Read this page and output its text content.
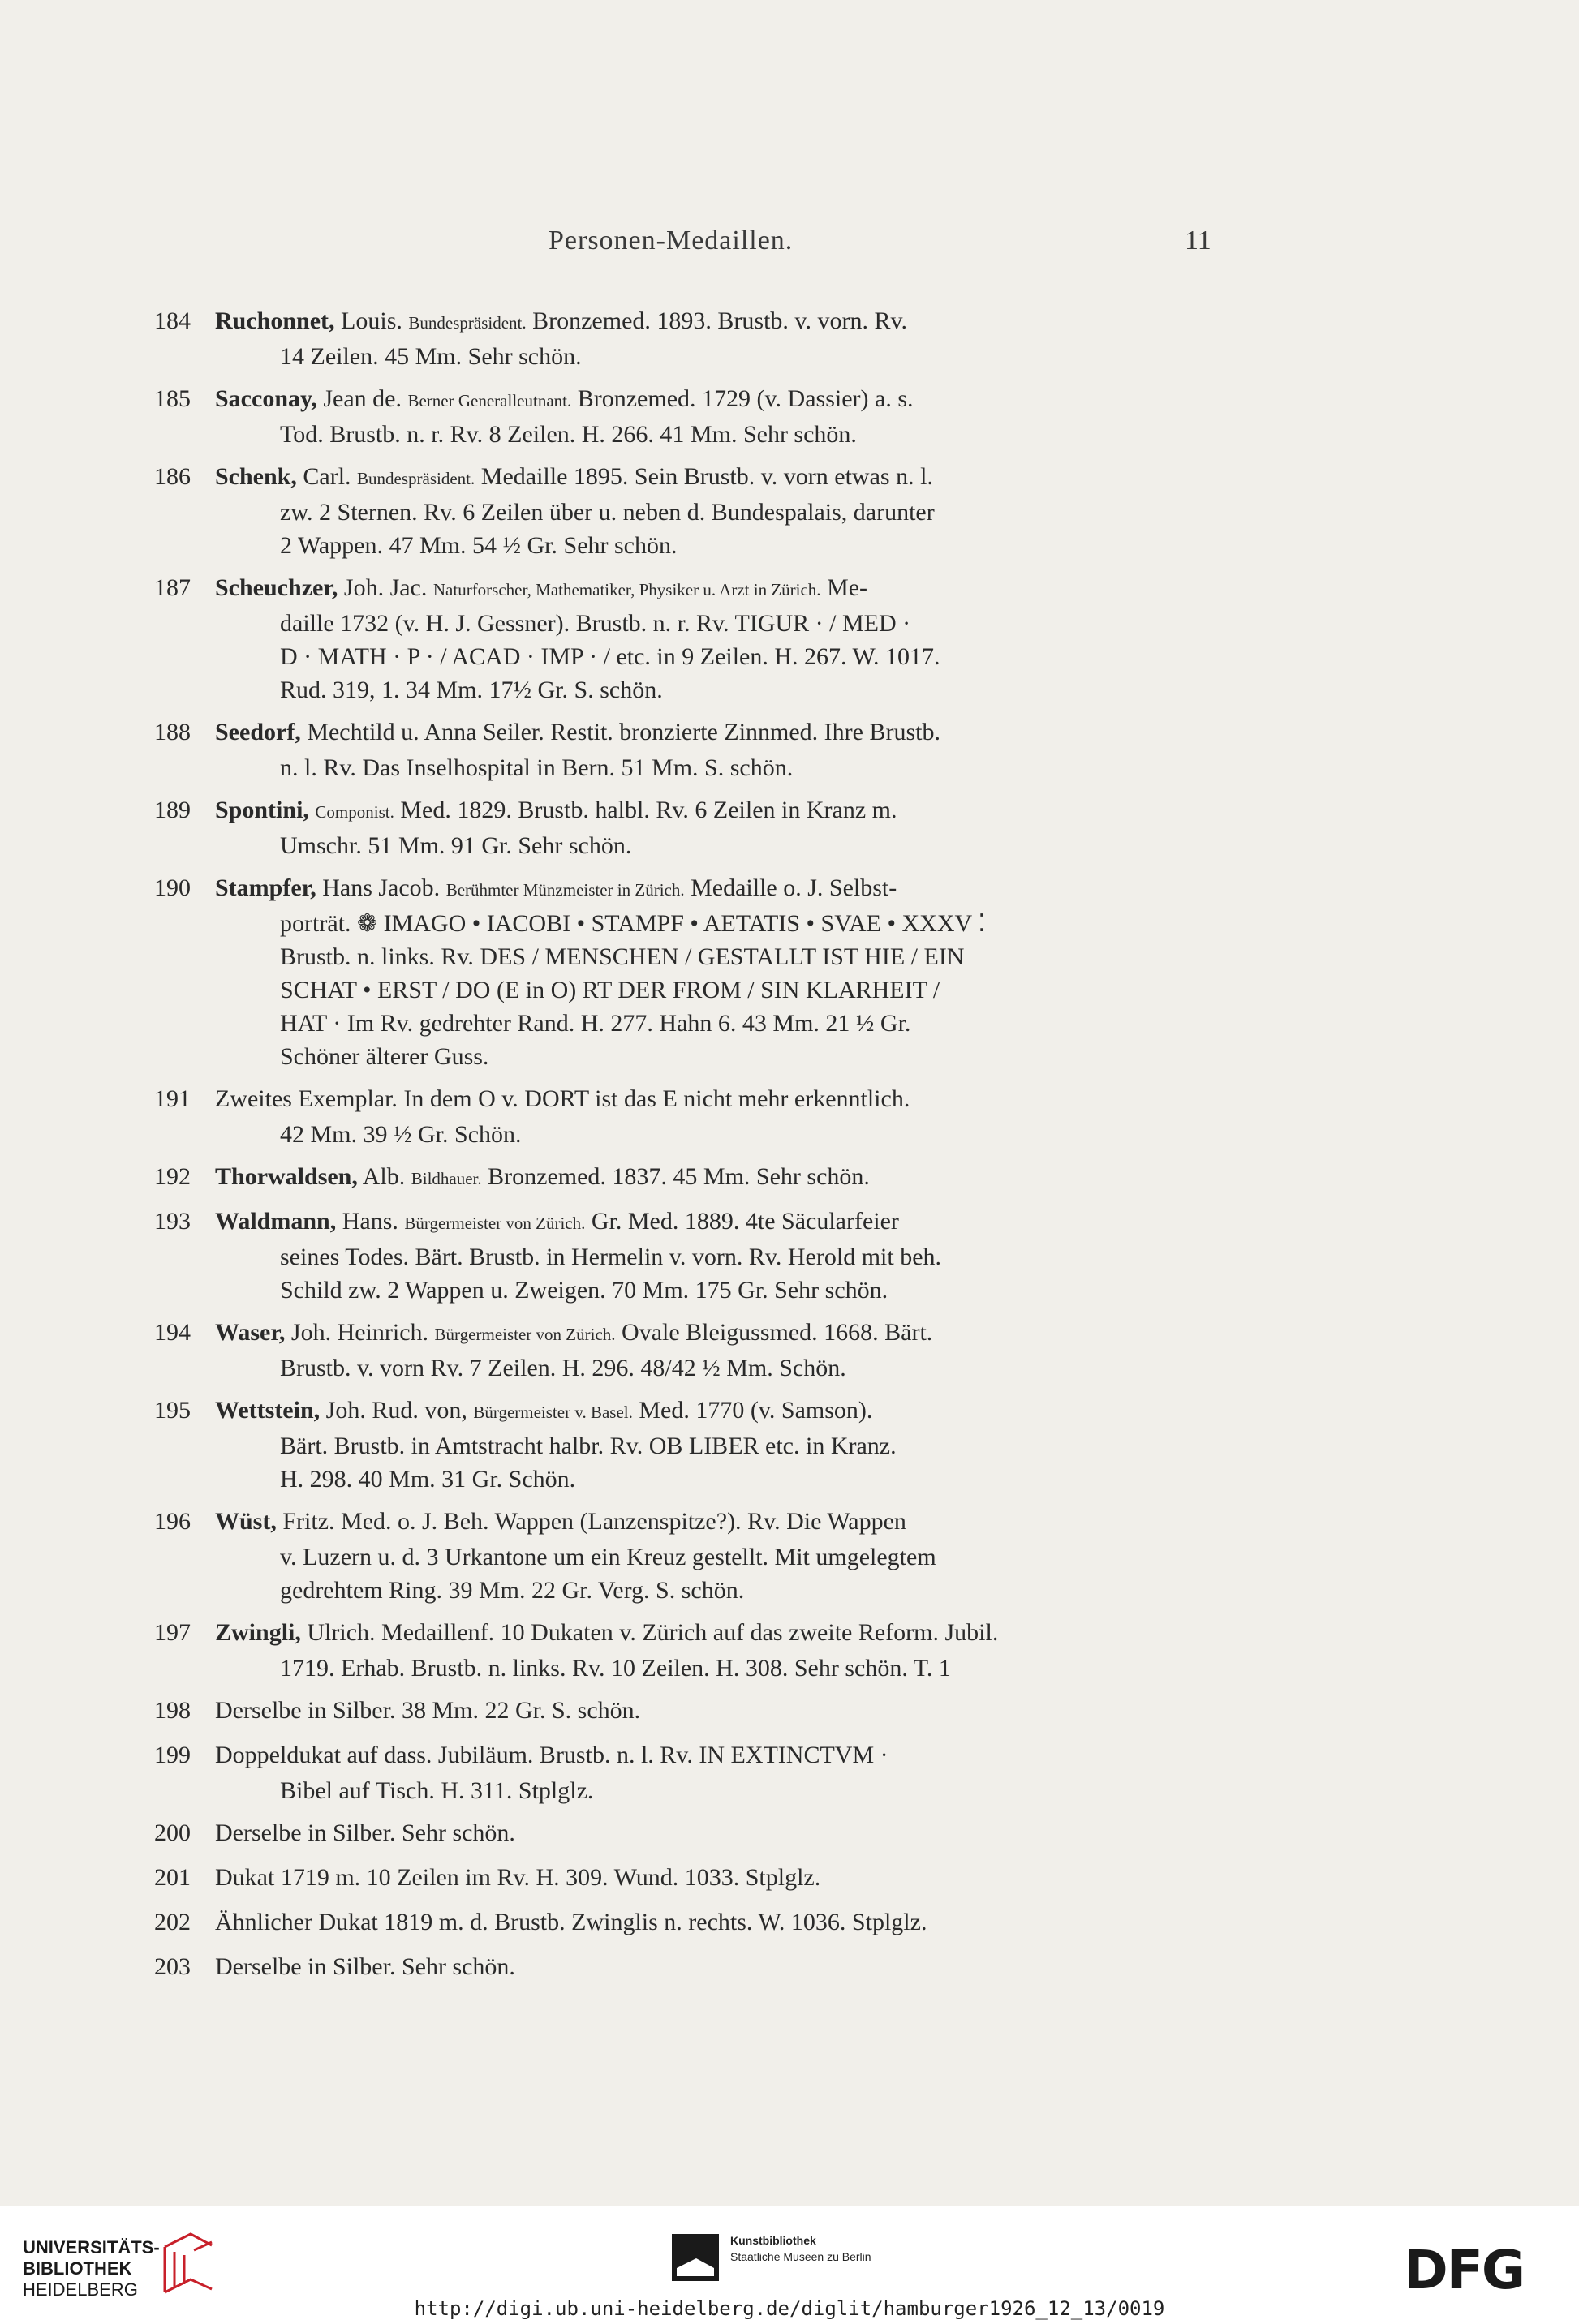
Personen-Medaillen.	11
184	Ruchonnet, Louis. Bundespräsident. Bronzemed. 1893. Brustb. v. vorn. Rv.
14 Zeilen. 45 Mm. Sehr schön.
185	Sacconay, Jean de. Berner Generalleutnant. Bronzemed. 1729 (v. Dassier) a. s.
Tod. Brustb. n. r. Rv. 8 Zeilen. H. 266. 41 Mm. Sehr schön.
186	Schenk, Carl. Bundespräsident. Medaille 1895. Sein Brustb. v. vorn etwas n. l.
zw. 2 Sternen. Rv. 6 Zeilen über u. neben d. Bundespalais, darunter
2 Wappen. 47 Mm. 54 ½ Gr. Sehr schön.
187	Scheuchzer, Joh. Jac. Naturforscher, Mathematiker, Physiker u. Arzt in Zürich. Me-
daille 1732 (v. H. J. Gessner). Brustb. n. r. Rv. TIGUR · / MED ·
D · MATH · P · / ACAD · IMP · / etc. in 9 Zeilen. H. 267. W. 1017.
Rud. 319, 1. 34 Mm. 17½ Gr. S. schön.
188	Seedorf, Mechtild u. Anna Seiler. Restit. bronzierte Zinnmed. Ihre Brustb.
n. l. Rv. Das Inselhospital in Bern. 51 Mm. S. schön.
189	Spontini, Componist. Med. 1829. Brustb. halbl. Rv. 6 Zeilen in Kranz m.
Umschr. 51 Mm. 91 Gr. Sehr schön.
190	Stampfer, Hans Jacob. Berühmter Münzmeister in Zürich. Medaille o. J. Selbst-
porträt. ❁ IMAGO • IACOBI • STAMPF • AETATIS • SVAE • XXXV ⁚
Brustb. n. links. Rv. DES / MENSCHEN / GESTALLT IST HIE / EIN
SCHAT • ERST / DO (E in O) RT DER FROM / SIN KLARHEIT /
HAT · Im Rv. gedrehter Rand. H. 277. Hahn 6. 43 Mm. 21 ½ Gr.
Schöner älterer Guss.
191	Zweites Exemplar. In dem O v. DORT ist das E nicht mehr erkenntlich.
42 Mm. 39 ½ Gr. Schön.
192	Thorwaldsen, Alb. Bildhauer. Bronzemed. 1837. 45 Mm. Sehr schön.
193	Waldmann, Hans. Bürgermeister von Zürich. Gr. Med. 1889. 4te Säcularfeier
seines Todes. Bärt. Brustb. in Hermelin v. vorn. Rv. Herold mit beh.
Schild zw. 2 Wappen u. Zweigen. 70 Mm. 175 Gr. Sehr schön.
194	Waser, Joh. Heinrich. Bürgermeister von Zürich. Ovale Bleigussmed. 1668. Bärt.
Brustb. v. vorn Rv. 7 Zeilen. H. 296. 48/42 ½ Mm. Schön.
195	Wettstein, Joh. Rud. von, Bürgermeister v. Basel. Med. 1770 (v. Samson).
Bärt. Brustb. in Amtstracht halbr. Rv. OB LIBER etc. in Kranz.
H. 298. 40 Mm. 31 Gr. Schön.
196	Wüst, Fritz. Med. o. J. Beh. Wappen (Lanzenspitze?). Rv. Die Wappen
v. Luzern u. d. 3 Urkantone um ein Kreuz gestellt. Mit umgelegtem
gedrehtem Ring. 39 Mm. 22 Gr. Verg. S. schön.
197	Zwingli, Ulrich. Medaillenf. 10 Dukaten v. Zürich auf das zweite Reform. Jubil.
1719. Erhab. Brustb. n. links. Rv. 10 Zeilen. H. 308. Sehr schön. T. 1
198	Derselbe in Silber. 38 Mm. 22 Gr. S. schön.
199	Doppeldukat auf dass. Jubiläum. Brustb. n. l. Rv. IN EXTINCTVM ·
Bibel auf Tisch. H. 311. Stplglz.
200	Derselbe in Silber. Sehr schön.
201	Dukat 1719 m. 10 Zeilen im Rv. H. 309. Wund. 1033. Stplglz.
202	Ähnlicher Dukat 1819 m. d. Brustb. Zwinglis n. rechts. W. 1036. Stplglz.
203	Derselbe in Silber. Sehr schön.
UNIVERSITÄTS-
BIBLIOTHEK
HEIDELBERG
Kunstbibliothek
Staatliche Museen zu Berlin	DFG
http://digi.ub.uni-heidelberg.de/diglit/hamburger1926_12_13/0019
